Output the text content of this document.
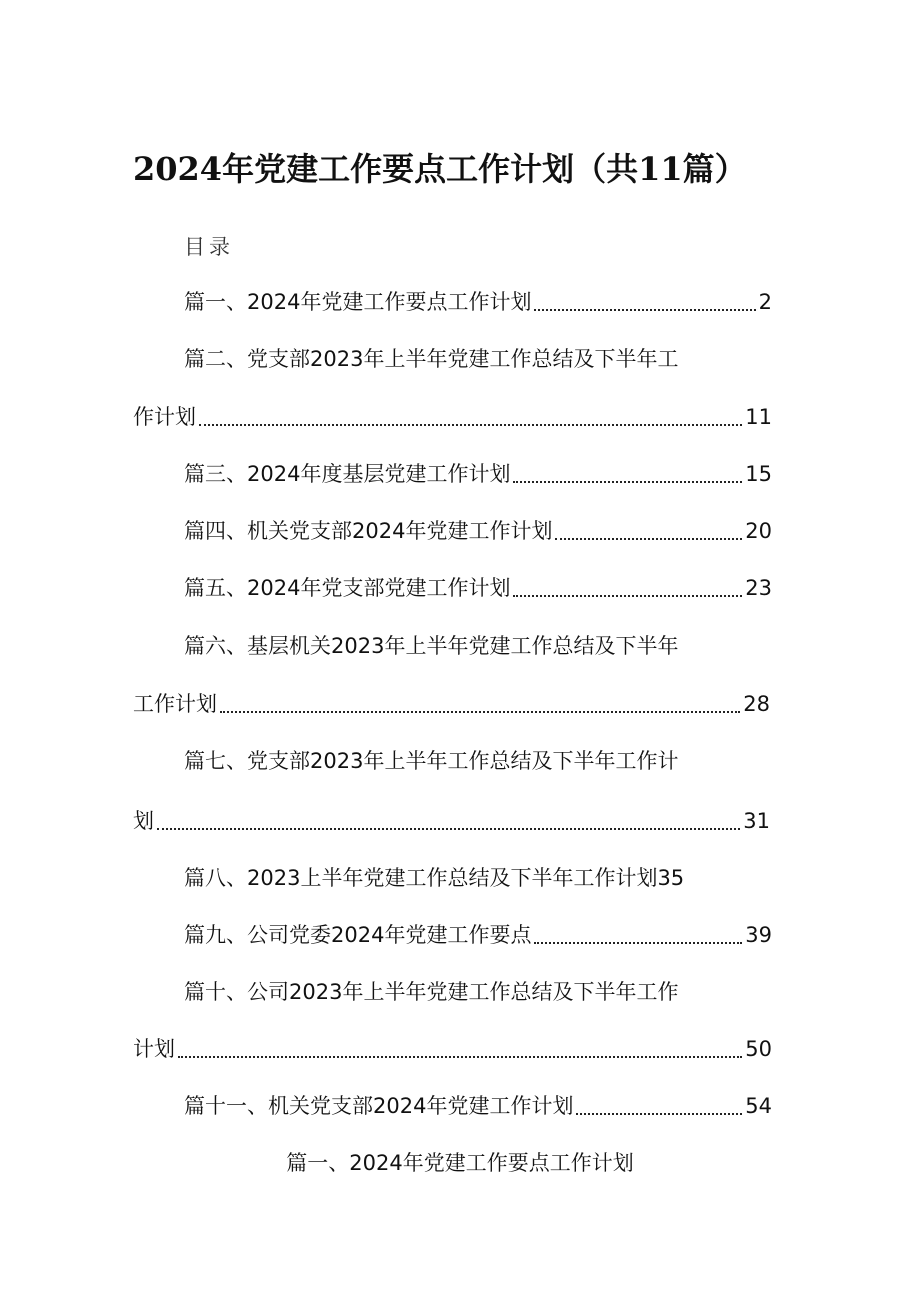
2024年党建工作要点工作计划（共11篇）
目录
篇一、2024年党建工作要点工作计划	2
篇二、党支部2023年上半年党建工作总结及下半年工
作计划	11
篇三、2024年度基层党建工作计划	15
篇四、机关党支部2024年党建工作计划	20
篇五、2024年党支部党建工作计划	23
篇六、基层机关2023年上半年党建工作总结及下半年
工作计划	28
篇七、党支部2023年上半年工作总结及下半年工作计
划	31
篇八、2023上半年党建工作总结及下半年工作计划35
篇九、公司党委2024年党建工作要点	39
篇十、公司2023年上半年党建工作总结及下半年工作
计划	50
篇十一、机关党支部2024年党建工作计划	54
篇一、2024年党建工作要点工作计划
